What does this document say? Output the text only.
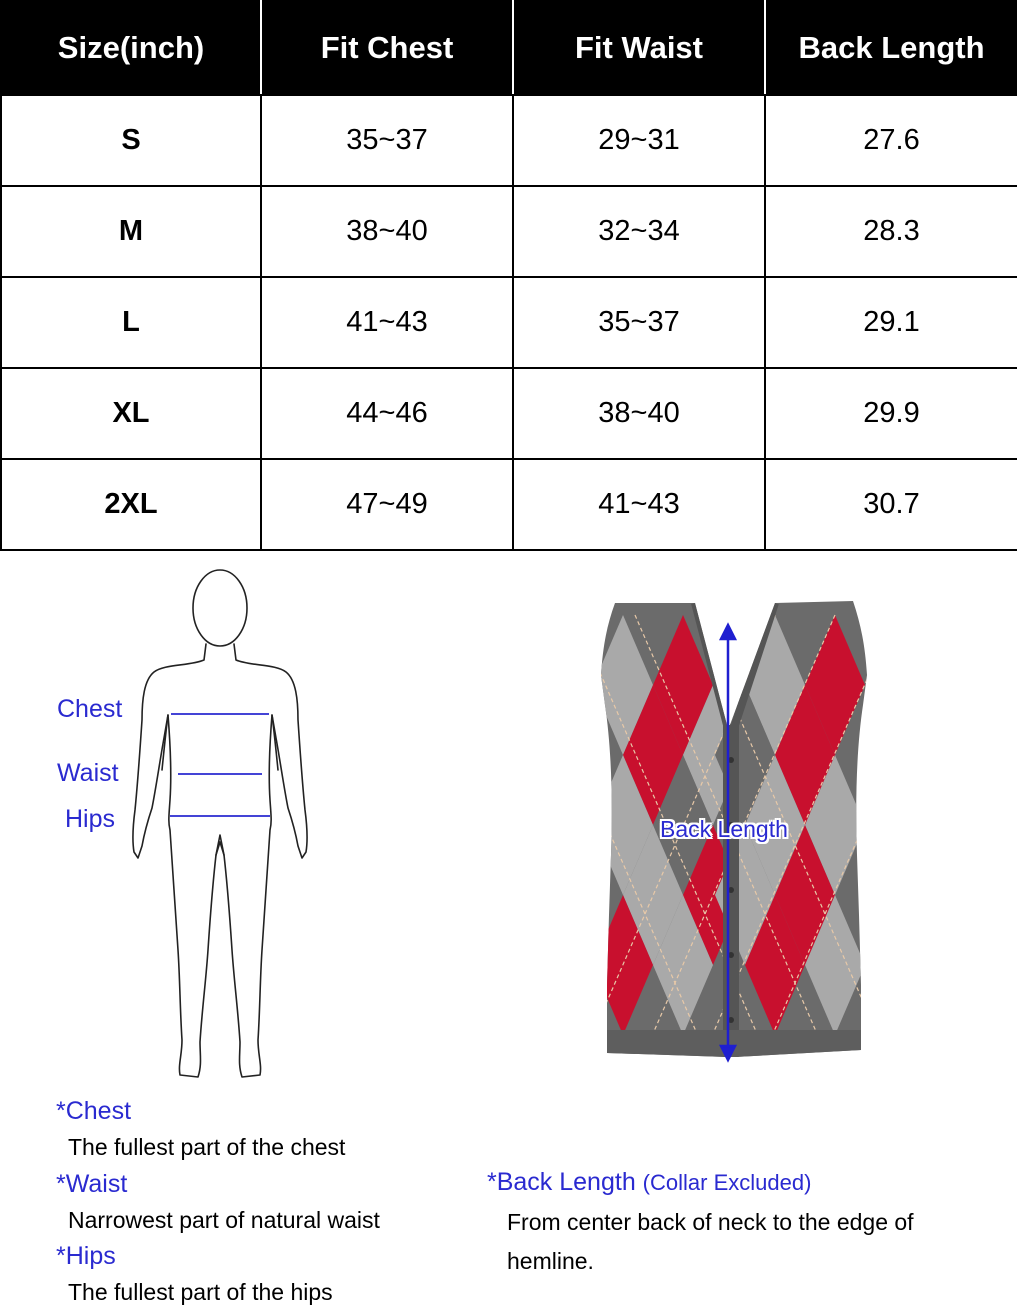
Size(inch)	Fit Chest	Fit Waist	Back Length
S	35~37	29~31	27.6
M	38~40	32~34	28.3
L	41~43	35~37	29.1
XL	44~46	38~40	29.9
2XL	47~49	41~43	30.7
Chest
Waist
Hips	Back Length
*Chest
The fullest part of the chest
*Waist
Narrowest part of natural waist
*Hips
The fullest part of the hips
*Back Length (Collar Excluded)
From center back of neck to the edge of
hemline.
